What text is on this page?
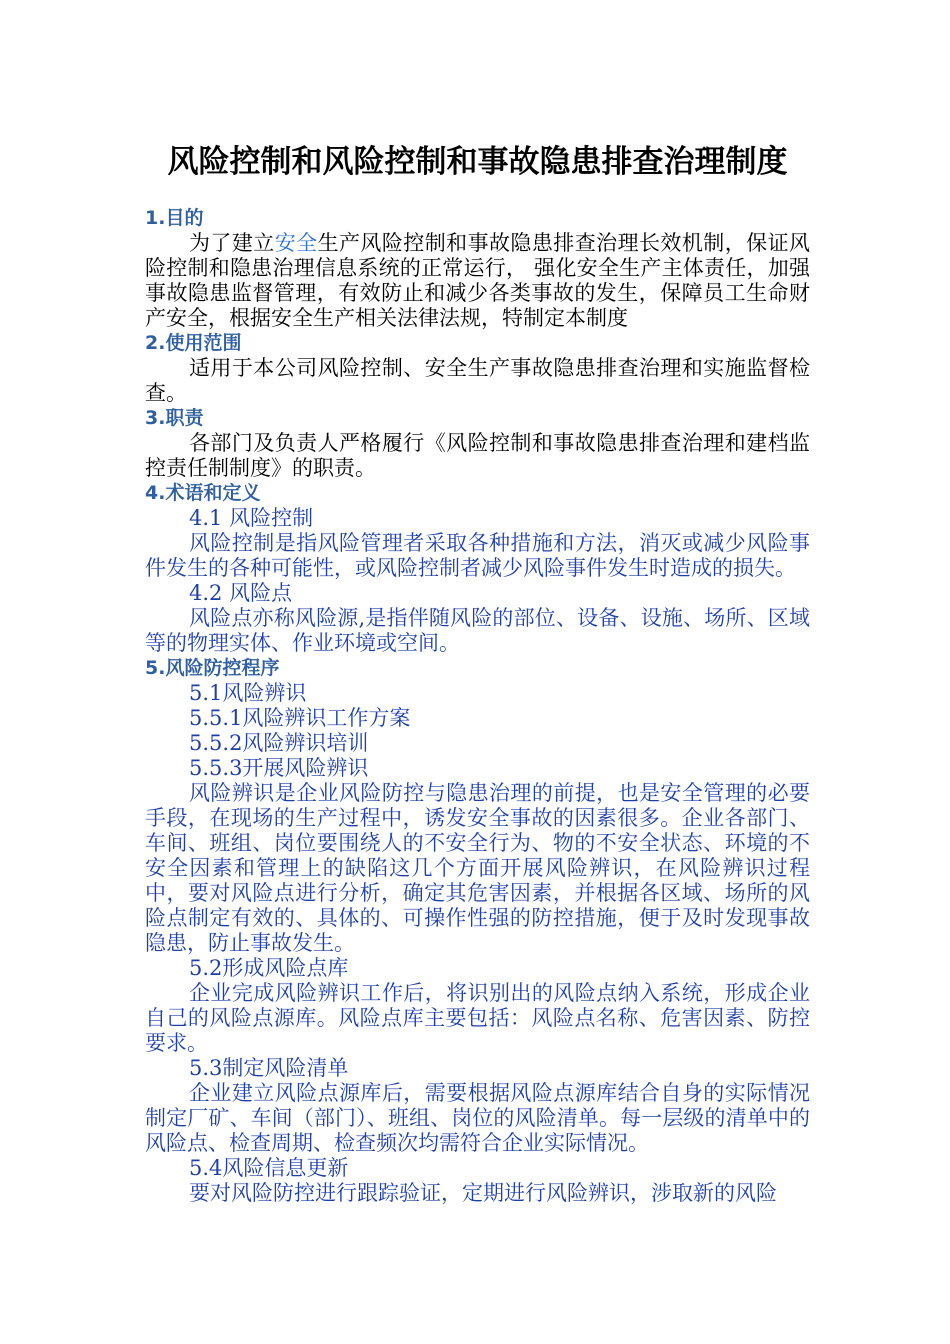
风险控制和风险控制和事故隐患排查治理制度
1.目的

为了建立安全生产风险控制和事故隐患排查治理长效机制，保证风险控制和隐患治理信息系统的正常运行， 强化安全生产主体责任，加强事故隐患监督管理，有效防止和减少各类事故的发生，保障员工生命财产安全，根据安全生产相关法律法规，特制定本制度

2.使用范围

适用于本公司风险控制、安全生产事故隐患排查治理和实施监督检查。

3.职责

各部门及负责人严格履行《风险控制和事故隐患排查治理和建档监控责任制制度》的职责。

4.术语和定义
4.1 风险控制

风险控制是指风险管理者采取各种措施和方法，消灭或减少风险事件发生的各种可能性，或风险控制者减少风险事件发生时造成的损失。

4.2 风险点

风险点亦称风险源,是指伴随风险的部位、设备、设施、场所、区域等的物理实体、作业环境或空间。

5.风险防控程序
5.1风险辨识
5.5.1风险辨识工作方案
5.5.2风险辨识培训
5.5.3开展风险辨识

风险辨识是企业风险防控与隐患治理的前提，也是安全管理的必要手段，在现场的生产过程中，诱发安全事故的因素很多。企业各部门、车间、班组、岗位要围绕人的不安全行为、物的不安全状态、环境的不安全因素和管理上的缺陷这几个方面开展风险辨识，在风险辨识过程中，要对风险点进行分析，确定其危害因素，并根据各区域、场所的风险点制定有效的、具体的、可操作性强的防控措施，便于及时发现事故隐患，防止事故发生。

5.2形成风险点库

企业完成风险辨识工作后，将识别出的风险点纳入系统，形成企业自己的风险点源库。风险点库主要包括：风险点名称、危害因素、防控要求。

5.3制定风险清单

企业建立风险点源库后，需要根据风险点源库结合自身的实际情况制定厂矿、车间（部门）、班组、岗位的风险清单。每一层级的清单中的风险点、检查周期、检查频次均需符合企业实际情况。

5.4风险信息更新

要对风险防控进行跟踪验证，定期进行风险辨识，涉取新的风险
